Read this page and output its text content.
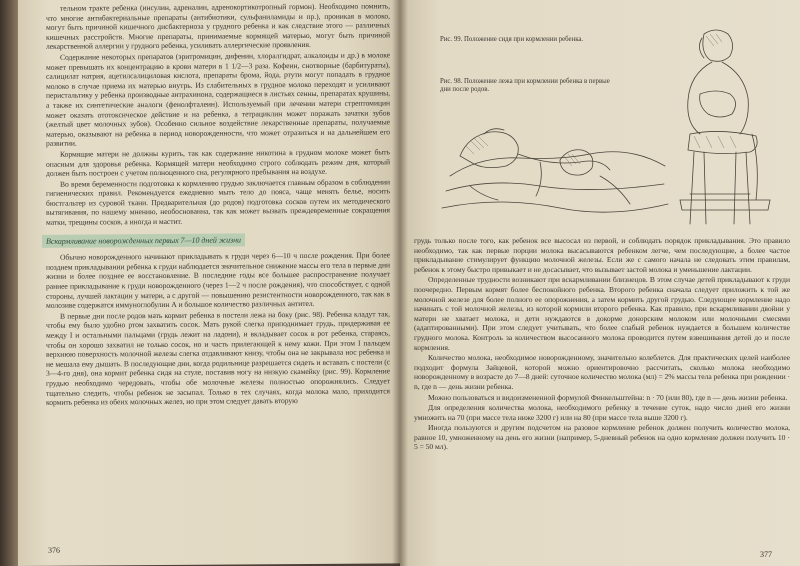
тельном тракте ребенка (инсулин, адреналин, адренокортикотропный гормон). Необходимо помнить, что многие антибактериальные препараты (антибиотики, сульфаниламиды и пр.), проникая в молоко, могут быть причиной кишечного дисбактериоза у грудного ребенка и как следствие этого — различных кишечных расстройств. Многие препараты, принимаемые кормящей матерью, могут быть причиной лекарственной аллергии у грудного ребенка, усиливать аллергические проявления.

Содержание некоторых препаратов (эритромицин, дифенин, хлоралгидрат, алкалоиды и др.) в молоке может превышать их концентрацию в крови матери в 1 1/2—3 раза. Кофеин, снотворные (барбитураты), салицилат натрия, ацетилсалициловая кислота, препараты брома, йода, ртути могут попадать в грудное молоко в случае приема их матерью внутрь. Из слабительных в грудное молоко переходят и усиливают перистальтику у ребенка производные антрахинона, содержащиеся в листьях сенны, препаратах крушины, а также их синтетические аналоги (фенолфталеин). Используемый при лечении матери стрептомицин может оказать ототоксическое действие и на ребенка, а тетрациклин может поражать зачатки зубов (желтый цвет молочных зубов). Особенно сильное воздействие лекарственные препараты, получаемые матерью, оказывают на ребенка в период новорожденности, что может отразиться и на дальнейшем его развитии.

Кормящие матери не должны курить, так как содержание никотина в грудном молоке может быть опасным для здоровья ребенка. Кормящей матери необходимо строго соблюдать режим дня, который должен быть построен с учетом полноценного сна, регулярного пребывания на воздухе.

Во время беременности подготовка к кормлению грудью заключается главным образом в соблюдении гигиенических правил. Рекомендуется ежедневно мыть тело до пояса, чаще менять белье, носить бюстгальтер из суровой ткани. Предварительная (до родов) подготовка сосков путем их методического вытягивания, по нашему мнению, необоснованна, так как может вызвать преждевременные сокращения матки, трещины сосков, а иногда и мастит.

Вскармливание новорожденных первых 7—10 дней жизни

Обычно новорожденного начинают прикладывать к груди через 6—10 ч после рождения. При более позднем прикладывании ребенка к груди наблюдается значительное снижение массы его тела в первые дни жизни и более позднее ее восстановление. В последние годы все большее распространение получает раннее прикладывание к груди новорожденного (через 1—2 ч после рождения), что способствует, с одной стороны, лучшей лактации у матери, а с другой — повышению резистентности новорожденного, так как в молозиве содержатся иммуноглобулин А и большое количество различных антител.

В первые дни после родов мать кормит ребенка в постели лежа на боку (рис. 98). Ребенка кладут так, чтобы ему было удобно ртом захватить сосок. Мать рукой слегка приподнимает грудь, придерживая ее между I и остальными пальцами (грудь лежит на ладони), и вкладывает сосок в рот ребенка, стараясь, чтобы он хорошо захватил не только сосок, но и часть прилегающей к нему кожи. При этом I пальцем верхнюю поверхность молочной железы слегка отдавливают книзу, чтобы она не закрывала нос ребенка и не мешала ему дышать. В последующие дни, когда родильнице разрешается сидеть и вставать с постели (с 3—4-го дня), она кормит ребенка сидя на стуле, поставив ногу на низкую скамейку (рис. 99). Кормление грудью необходимо чередовать, чтобы обе молочные железы полностью опорожнялись. Следует тщательно следить, чтобы ребенок не засыпал. Только в тех случаях, когда молока мало, приходится кормить ребенка из обеих молочных желез, но при этом следует давать вторую

376
Рис. 99. Положение сидя при кормлении ребенка.
Рис. 98. Положение лежа при кормлении ребенка в первые дни после родов.

грудь только после того, как ребенок все высосал из первой, и соблюдать порядок прикладывания. Это правило необходимо, так как первые порции молока высасываются ребенком легче, чем последующие, а более частое прикладывание стимулирует функцию молочной железы. Если же с самого начала не следовать этим правилам, ребенок к этому быстро привыкает и не досасывает, что вызывает застой молока и уменьшение лактации.

Определенные трудности возникают при вскармливании близнецов. В этом случае детей прикладывают к груди поочередно. Первым кормят более беспокойного ребенка. Второго ребенка сначала следует приложить к той же молочной железе для более полного ее опорожнения, а затем кормить другой грудью. Следующее кормление надо начинать с той молочной железы, из которой кормили второго ребенка. Как правило, при вскармливании двойни у матери не хватает молока, и дети нуждаются в докорме донорским молоком или молочными смесями (адаптированными). При этом следует учитывать, что более слабый ребенок нуждается в большем количестве грудного молока. Контроль за количеством высосанного молока проводится путем взвешивания детей до и после кормления.

Количество молока, необходимое новорожденному, значительно колеблется. Для практических целей наиболее подходит формула Зайцевой, которой можно ориентировочно рассчитать, сколько молока необходимо новорожденному в возрасте до 7—8 дней: суточное количество молока (мл) = 2% массы тела ребенка при рождении · n, где n — день жизни ребенка.

Можно пользоваться и видоизмененной формулой Финкельштейна: n · 70 (или 80), где n — день жизни ребенка.

Для определения количества молока, необходимого ребенку в течение суток, надо число дней его жизни умножить на 70 (при массе тела ниже 3200 г) или на 80 (при массе тела выше 3200 г).

Иногда пользуются и другим подсчетом на разовое кормление ребенок должен получить количество молока, равное 10, умноженному на день его жизни (например, 5-дневный ребенок на одно кормление должен получить 10 · 5 = 50 мл).

377
